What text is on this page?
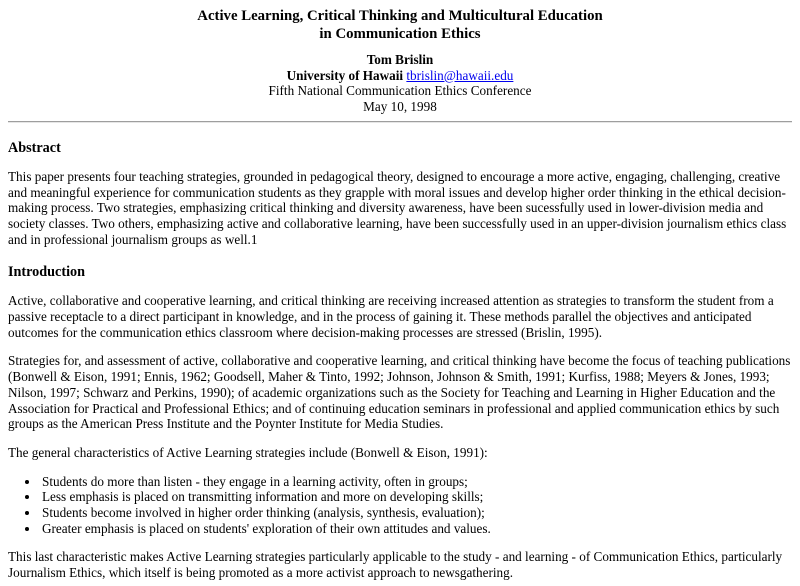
Active Learning, Critical Thinking and Multicultural Education
in Communication Ethics
Tom Brislin
University of Hawaii tbrislin@hawaii.edu
Fifth National Communication Ethics Conference
May 10, 1998
Abstract

This paper presents four teaching strategies, grounded in pedagogical theory, designed to encourage a more active, engaging, challenging, creative and meaningful experience for communication students as they grapple with moral issues and develop higher order thinking in the ethical decision-making process. Two strategies, emphasizing critical thinking and diversity awareness, have been sucessfully used in lower-division media and society classes. Two others, emphasizing active and collaborative learning, have been successfully used in an upper-division journalism ethics class and in professional journalism groups as well.1

Introduction

Active, collaborative and cooperative learning, and critical thinking are receiving increased attention as strategies to transform the student from a passive receptacle to a direct participant in knowledge, and in the process of gaining it. These methods parallel the objectives and anticipated outcomes for the communication ethics classroom where decision-making processes are stressed (Brislin, 1995).

Strategies for, and assessment of active, collaborative and cooperative learning, and critical thinking have become the focus of teaching publications (Bonwell & Eison, 1991; Ennis, 1962; Goodsell, Maher & Tinto, 1992; Johnson, Johnson & Smith, 1991; Kurfiss, 1988; Meyers & Jones, 1993; Nilson, 1997; Schwarz and Perkins, 1990); of academic organizations such as the Society for Teaching and Learning in Higher Education and the Association for Practical and Professional Ethics; and of continuing education seminars in professional and applied communication ethics by such groups as the American Press Institute and the Poynter Institute for Media Studies.

The general characteristics of Active Learning strategies include (Bonwell & Eison, 1991):

• Students do more than listen - they engage in a learning activity, often in groups;
• Less emphasis is placed on transmitting information and more on developing skills;
• Students become involved in higher order thinking (analysis, synthesis, evaluation);
• Greater emphasis is placed on students' exploration of their own attitudes and values.

This last characteristic makes Active Learning strategies particularly applicable to the study - and learning - of Communication Ethics, particularly Journalism Ethics, which itself is being promoted as a more activist approach to newsgathering.
